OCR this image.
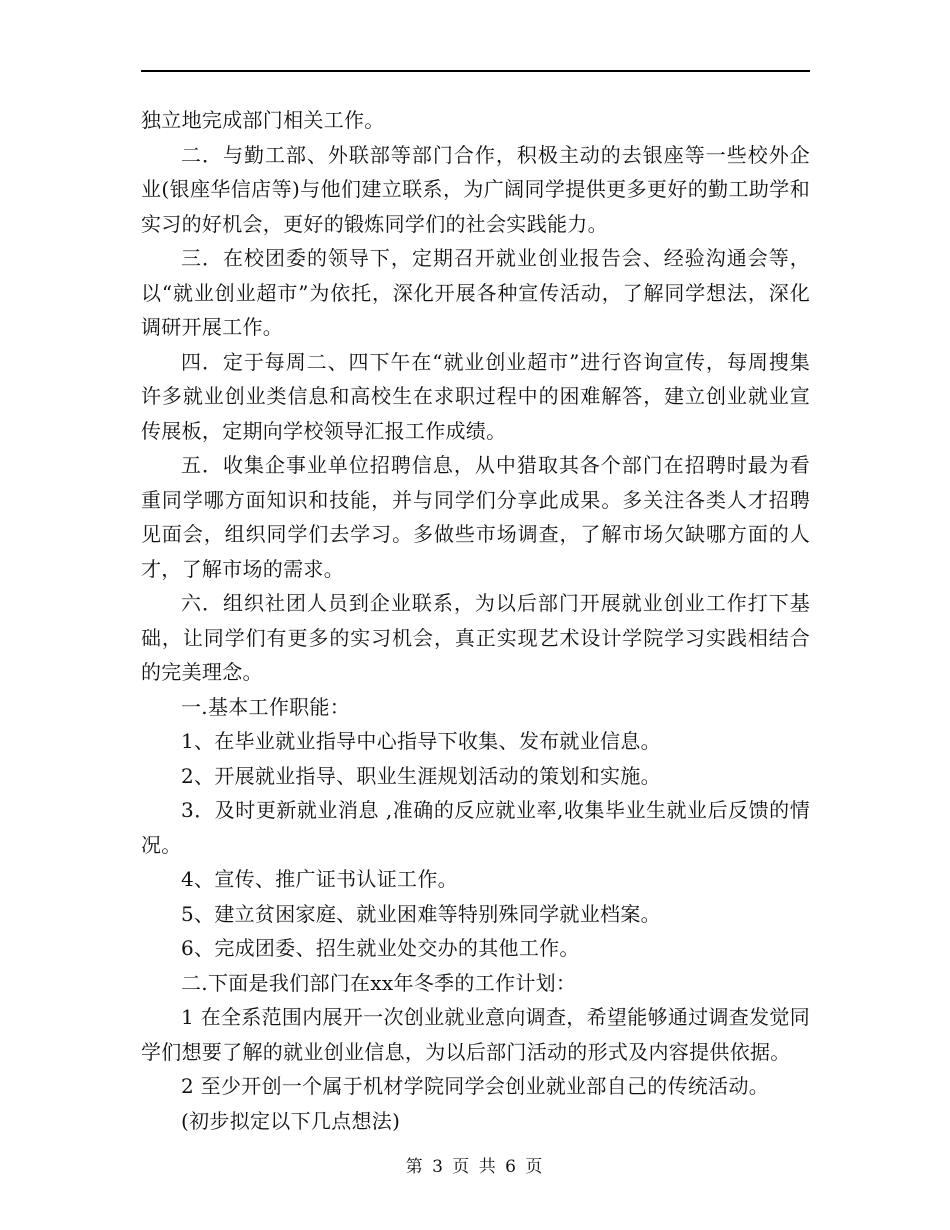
独立地完成部门相关工作。

二．与勤工部、外联部等部门合作，积极主动的去银座等一些校外企业(银座华信店等)与他们建立联系，为广阔同学提供更多更好的勤工助学和实习的好机会，更好的锻炼同学们的社会实践能力。

三．在校团委的领导下，定期召开就业创业报告会、经验沟通会等，以“就业创业超市”为依托，深化开展各种宣传活动，了解同学想法，深化调研开展工作。

四．定于每周二、四下午在“就业创业超市”进行咨询宣传，每周搜集许多就业创业类信息和高校生在求职过程中的困难解答，建立创业就业宣传展板，定期向学校领导汇报工作成绩。

五．收集企事业单位招聘信息，从中猎取其各个部门在招聘时最为看重同学哪方面知识和技能，并与同学们分享此成果。多关注各类人才招聘见面会，组织同学们去学习。多做些市场调查，了解市场欠缺哪方面的人才，了解市场的需求。

六．组织社团人员到企业联系，为以后部门开展就业创业工作打下基础，让同学们有更多的实习机会，真正实现艺术设计学院学习实践相结合的完美理念。

一.基本工作职能：

1、在毕业就业指导中心指导下收集、发布就业信息。

2、开展就业指导、职业生涯规划活动的策划和实施。

3．及时更新就业消息 ,准确的反应就业率,收集毕业生就业后反馈的情况。

4、宣传、推广证书认证工作。

5、建立贫困家庭、就业困难等特别殊同学就业档案。

6、完成团委、招生就业处交办的其他工作。

二.下面是我们部门在xx年冬季的工作计划：

1 在全系范围内展开一次创业就业意向调查，希望能够通过调查发觉同学们想要了解的就业创业信息，为以后部门活动的形式及内容提供依据。

2 至少开创一个属于机材学院同学会创业就业部自己的传统活动。

(初步拟定以下几点想法)

第 3 页 共 6 页
